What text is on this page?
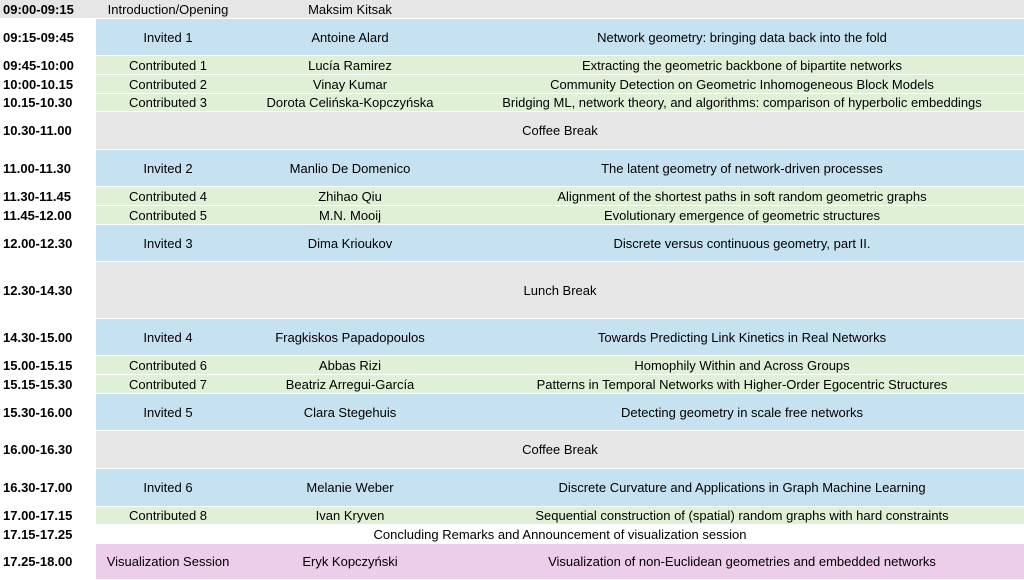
09:00-09:15	Introduction/Opening	Maksim Kitsak
09:15-09:45	Invited 1	Antoine Alard	Network geometry: bringing data back into the fold
09:45-10:00	Contributed 1	Lucía Ramirez	Extracting the geometric backbone of bipartite networks
10:00-10.15	Contributed 2	Vinay Kumar	Community Detection on Geometric Inhomogeneous Block Models
10.15-10.30	Contributed 3	Dorota Celińska-Kopczyńska	Bridging ML, network theory, and algorithms: comparison of hyperbolic embeddings
10.30-11.00	Coffee Break
11.00-11.30	Invited 2	Manlio De Domenico	The latent geometry of network-driven processes
11.30-11.45	Contributed 4	Zhihao Qiu	Alignment of the shortest paths in soft random geometric graphs
11.45-12.00	Contributed 5	M.N. Mooij	Evolutionary emergence of geometric structures
12.00-12.30	Invited 3	Dima Krioukov	Discrete versus continuous geometry, part II.
12.30-14.30	Lunch Break
14.30-15.00	Invited 4	Fragkiskos Papadopoulos	Towards Predicting Link Kinetics in Real Networks
15.00-15.15	Contributed 6	Abbas Rizi	Homophily Within and Across Groups
15.15-15.30	Contributed 7	Beatriz Arregui-García	Patterns in Temporal Networks with Higher-Order Egocentric Structures
15.30-16.00	Invited 5	Clara Stegehuis	Detecting geometry in scale free networks
16.00-16.30	Coffee Break
16.30-17.00	Invited 6	Melanie Weber	Discrete Curvature and Applications in Graph Machine Learning
17.00-17.15	Contributed 8	Ivan Kryven	Sequential construction of (spatial) random graphs with hard constraints
17.15-17.25	Concluding Remarks and Announcement of visualization session
17.25-18.00	Visualization Session	Eryk Kopczyński	Visualization of non-Euclidean geometries and embedded networks
